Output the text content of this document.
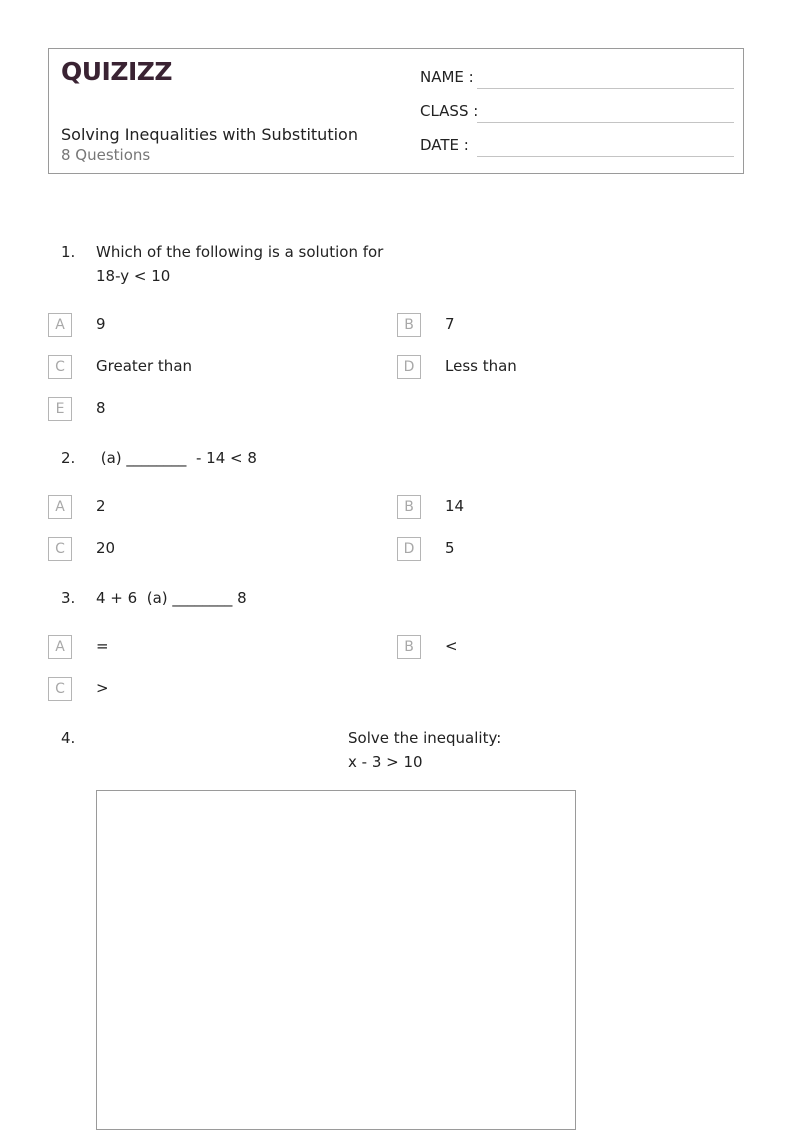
QUIZIZZ
Solving Inequalities with Substitution
8 Questions
NAME :
CLASS :
DATE :
1. Which of the following is a solution for
18-y < 10
A	9	B	7
C	Greater than	D	Less than
E	8
2. (a) ________  - 14 < 8
A	2	B	14
C	20	D	5
3. 4 + 6  (a) ________ 8
A	=	B	<
C	>
4.	Solve the inequality:
x - 3 > 10
